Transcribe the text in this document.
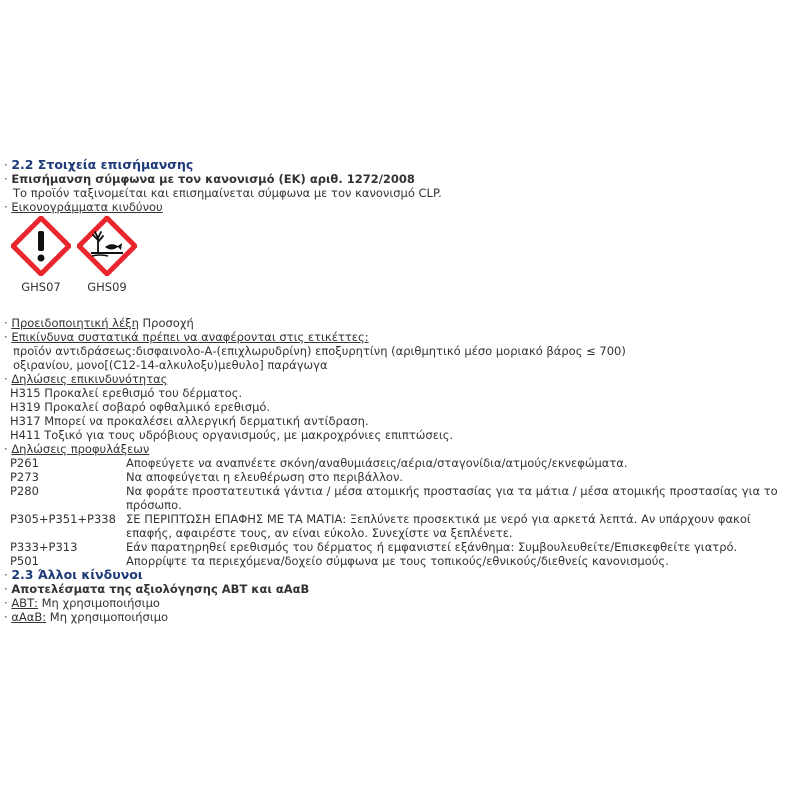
· 2.2 Στοιχεία επισήμανσης
· Επισήμανση σύμφωνα με τον κανονισμό (ΕΚ) αριθ. 1272/2008
Το προϊόν ταξινομείται και επισημαίνεται σύμφωνα με τον κανονισμό CLP.
· Εικονογράμματα κινδύνου
GHS07	GHS09
· Προειδοποιητική λέξη Προσοχή
· Επικίνδυνα συστατικά πρέπει να αναφέρονται στις ετικέττες:
προϊόν αντιδράσεως:δισφαινολο-Α-(επιχλωρυδρίνη) εποξυρητίνη (αριθμητικό μέσο μοριακό βάρος ≤ 700)
οξιρανίου, μονο[(C12-14-αλκυλοξυ)μεθυλο] παράγωγα
· Δηλώσεις επικινδυνότητας
H315 Προκαλεί ερεθισμό του δέρματος.
H319 Προκαλεί σοβαρό οφθαλμικό ερεθισμό.
H317 Μπορεί να προκαλέσει αλλεργική δερματική αντίδραση.
H411 Τοξικό για τους υδρόβιους οργανισμούς, με μακροχρόνιες επιπτώσεις.
· Δηλώσεις προφυλάξεων
P261	Αποφεύγετε να αναπνέετε σκόνη/αναθυμιάσεις/αέρια/σταγονίδια/ατμούς/εκνεφώματα.
P273	Να αποφεύγεται η ελευθέρωση στο περιβάλλον.
P280	Να φοράτε προστατευτικά γάντια / μέσα ατομικής προστασίας για τα μάτια / μέσα ατομικής προστασίας για το πρόσωπο.
P305+P351+P338 ΣΕ ΠΕΡΙΠΤΩΣΗ ΕΠΑΦΗΣ ΜΕ ΤΑ ΜΑΤΙΑ: Ξεπλύνετε προσεκτικά με νερό για αρκετά λεπτά. Αν υπάρχουν φακοί επαφής, αφαιρέστε τους, αν είναι εύκολο. Συνεχίστε να ξεπλένετε.
P333+P313	Εάν παρατηρηθεί ερεθισμός του δέρματος ή εμφανιστεί εξάνθημα: Συμβουλευθείτε/Επισκεφθείτε γιατρό.
P501	Απορρίψτε τα περιεχόμενα/δοχείο σύμφωνα με τους τοπικούς/εθνικούς/διεθνείς κανονισμούς.
· 2.3 Άλλοι κίνδυνοι
· Αποτελέσματα της αξιολόγησης ΑΒΤ και αΑαΒ
· ΑΒΤ: Μη χρησιμοποιήσιμο
· αΑαΒ: Μη χρησιμοποιήσιμο
